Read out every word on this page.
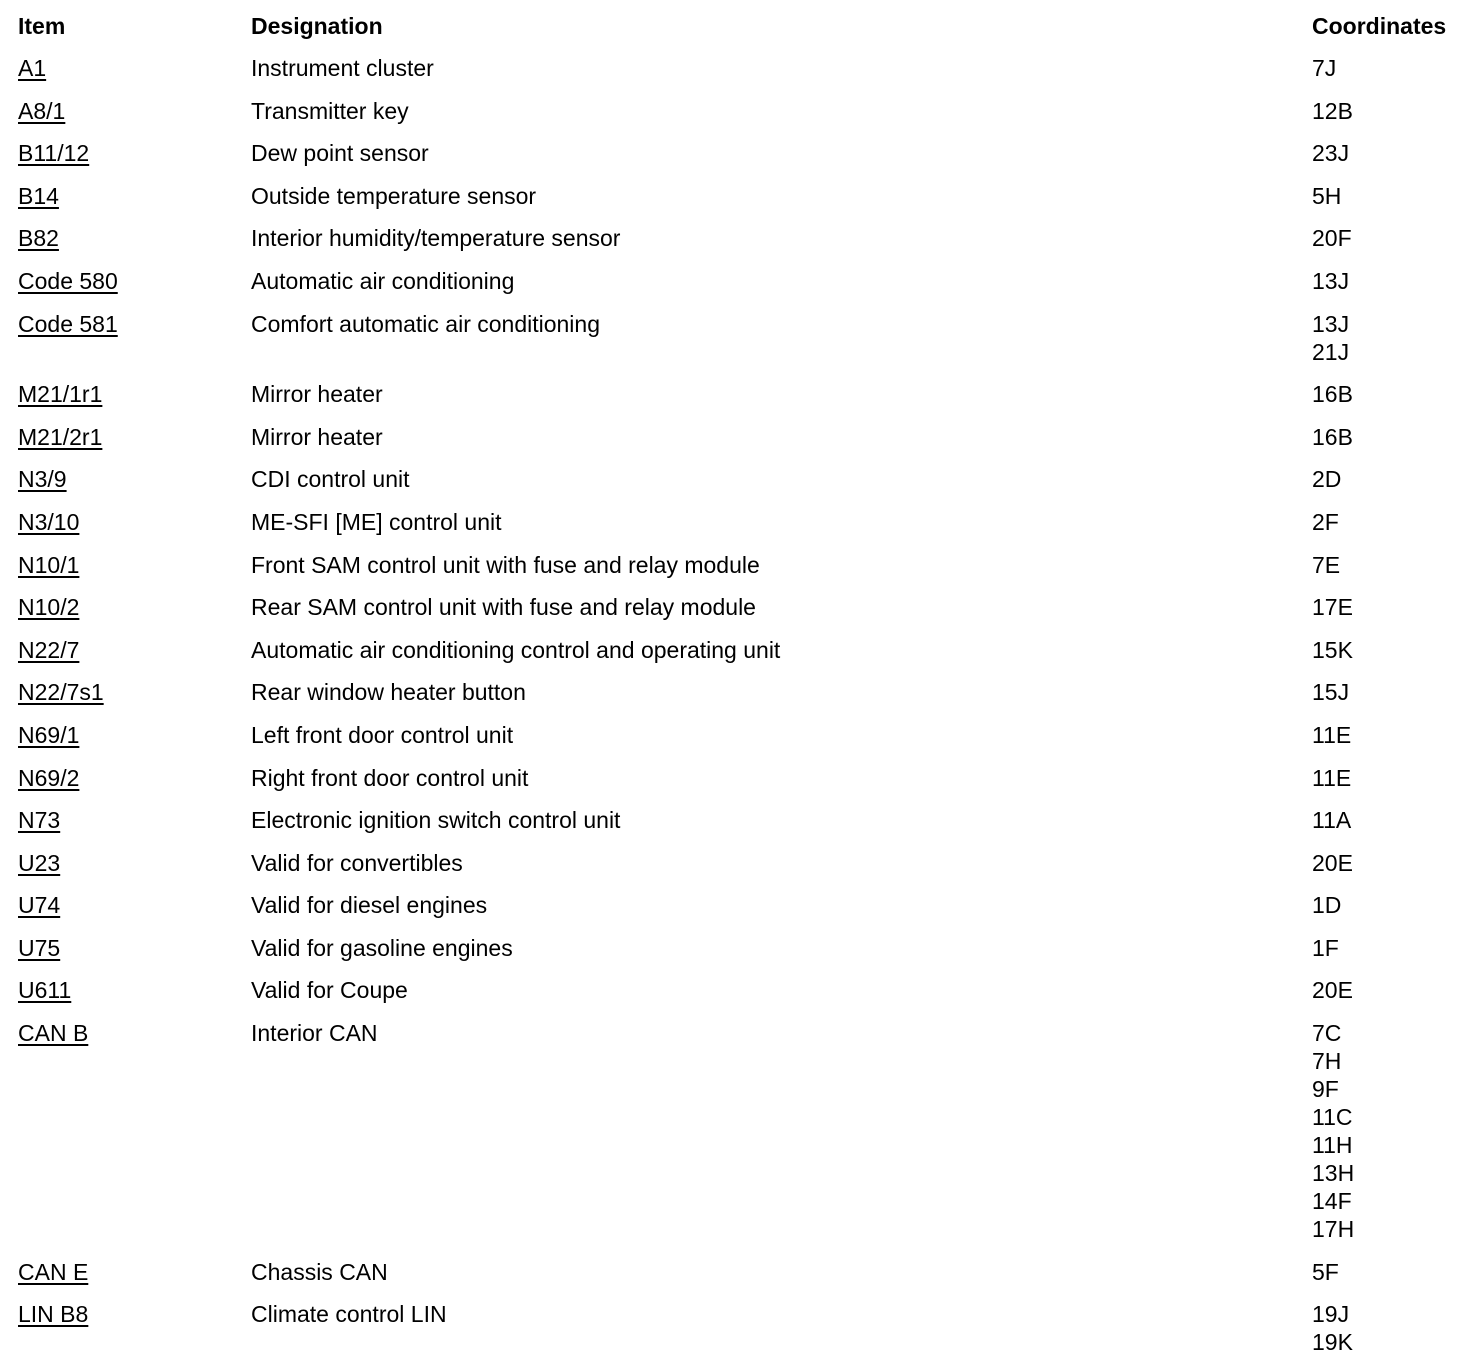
Item	Designation	Coordinates
A1	Instrument cluster	7J
A8/1	Transmitter key	12B
B11/12	Dew point sensor	23J
B14	Outside temperature sensor	5H
B82	Interior humidity/temperature sensor	20F
Code 580	Automatic air conditioning	13J
Code 581	Comfort automatic air conditioning	13J
21J
M21/1r1	Mirror heater	16B
M21/2r1	Mirror heater	16B
N3/9	CDI control unit	2D
N3/10	ME-SFI [ME] control unit	2F
N10/1	Front SAM control unit with fuse and relay module	7E
N10/2	Rear SAM control unit with fuse and relay module	17E
N22/7	Automatic air conditioning control and operating unit	15K
N22/7s1	Rear window heater button	15J
N69/1	Left front door control unit	11E
N69/2	Right front door control unit	11E
N73	Electronic ignition switch control unit	11A
U23	Valid for convertibles	20E
U74	Valid for diesel engines	1D
U75	Valid for gasoline engines	1F
U611	Valid for Coupe	20E
CAN B	Interior CAN	7C
7H
9F
11C
11H
13H
14F
17H
CAN E	Chassis CAN	5F
LIN B8	Climate control LIN	19J
19K
